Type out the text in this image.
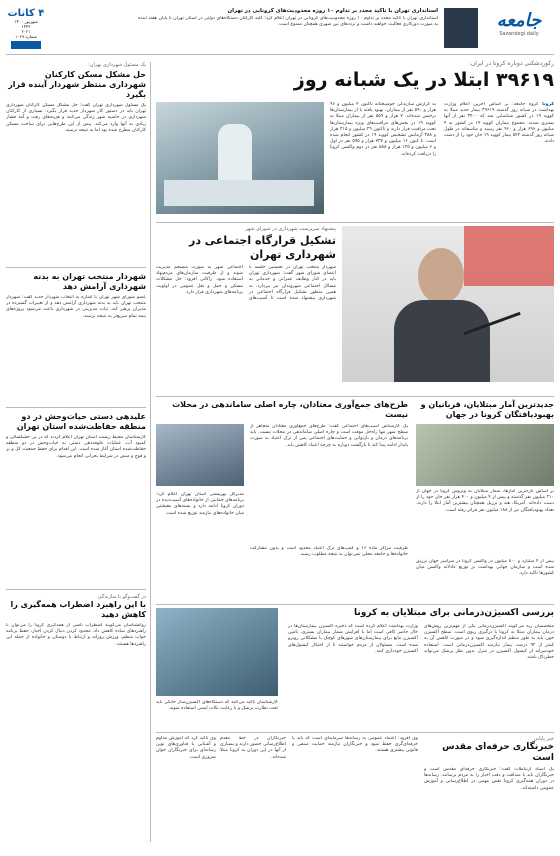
جامعه
Sazandegi.daily
استانداری تهران با تاکید مجدد بر تداوم ۱۰ روزه محدودیت‌های کرونایی در تهران
استانداری تهران با تاکید مجدد بر تداوم ۱۰ روزه محدودیت‌های کرونایی در تهران اعلام کرد: کلیه کارکنان دستگاه‌های دولتی در استان تهران تا پایان هفته آینده به صورت دورکاری فعالیت خواهند داشت و ترددهای بین شهری همچنان ممنوع است.
۴ کانات
شهریور ۱۴۰۰
۱۴۴۳
۲۰۲۱
شماره ۱۰۲۹
یک مسئول شهرداری تهران:
حل مشکل مسکن کارکنان شهرداری منتظر شهردار آینده قرار بگیرد
یک مسئول شهرداری تهران گفت: حل مشکل مسکن کارکنان شهرداری تهران باید در دستور کار شهردار جدید قرار بگیرد. بسیاری از کارکنان شهرداری در حاشیه شهر زندگی می‌کنند و هزینه‌های رفت و آمد فشار زیادی به آنها وارد می‌کند. پیش از این طرح‌هایی برای ساخت مسکن کارکنان مطرح شده بود اما به نتیجه نرسید.
شهردار منتخب تهران به بدنه شهرداری آرامش دهد
عضو شورای شهر تهران با اشاره به انتخاب شهردار جدید گفت: شهردار منتخب تهران باید به بدنه شهرداری آرامش دهد و از تغییرات گسترده در مدیران پرهیز کند. ثبات مدیریتی در شهرداری باعث می‌شود پروژه‌های نیمه تمام سریع‌تر به نتیجه برسند.
علیدهی دستی حیات‌وحش در دو منطقه حفاظت‌شده استان تهران
کارشناسان محیط زیست استان تهران اعلام کردند که در پی خشکسالی و کمبود آب، عملیات علوفه‌دهی دستی به حیات‌وحش در دو منطقه حفاظت‌شده استان آغاز شده است. این اقدام برای حفظ جمعیت کل و بز و قوچ و میش در شرایط بحرانی انجام می‌شود.
در گفت‌وگو با سازندگی
با این راهبرد اضطراب همه‌گیری را کاهش دهید
روانشناسان می‌گویند اضطراب ناشی از همه‌گیری کرونا را می‌توان با راهبردهای ساده کاهش داد. محدود کردن دنبال کردن اخبار، حفظ برنامه خواب منظم، ورزش روزانه و ارتباط با دوستان و خانواده از جمله این راهبردها هستند.
رکوردشکنی دوباره کرونا در ایران:
۳۹۶۱۹ ابتلا در یک شبانه روز
به گزارش سازندگی خوشبختانه تاکنون ۴ میلیون و ۹۶ هزار و ۵۹۰ نفر از بیماران، بهبود یافته یا از بیمارستان‌ها ترخیص شده‌اند. ۷ هزار و ۵۵۹ نفر از بیماران مبتلا به کووید ۱۹ در بخش‌های مراقبت‌های ویژه بیمارستان‌ها تحت مراقبت قرار دارند و تاکنون ۲۹ میلیون و ۲۱۵ هزار و ۳۸۸ آزمایش تشخیص کووید ۱۹ در کشور انجام شده است. تا کنون ۱۶ میلیون و ۷۳۷ هزار و ۵۹۵ نفر دز اول و ۶ میلیون و ۱۲۵ هزار و ۵۸۸ نفر دز دوم واکسن کرونا را دریافت کرده‌اند.
کرونا گروه جامعه: بر اساس آخرین اعلام وزارت بهداشت در شبانه روز گذشته ۳۹۶۱۹ بیمار جدید مبتلا به کووید ۱۹ در کشور شناسایی شد که ۳۴۰۰ نفر از آنها بستری شدند. مجموع بیماران کووید ۱۹ در کشور به ۴ میلیون و ۶۹۶ هزار و ۹۶۰ نفر رسید و متاسفانه در طول شبانه روز گذشته ۵۴۲ بیمار کووید ۱۹ جان خود را از دست دادند.
پیشنهاد سرپرست شهرداری در شورای شهر
تشکیل قرارگاه اجتماعی در شهرداری تهران
شهردار منتخب تهران در نخستین جلسه با اعضای شورای شهر گفت: شهرداری تهران باید در کنار وظایف عمرانی و خدماتی به مسائل اجتماعی شهروندان نیز بپردازد. به همین منظور تشکیل قرارگاه اجتماعی در شهرداری پیشنهاد شده است تا آسیب‌های اجتماعی شهر به صورت منسجم مدیریت شوند و از ظرفیت سازمان‌های مردم‌نهاد استفاده شود. زاکانی افزود: حل مشکلات مسکن و حمل و نقل عمومی در اولویت برنامه‌های شهرداری قرار دارد.
جدیدترین آمار مبتلایان، قربانیان و بهبودیافتگان کرونا در جهان
بر اساس تازه‌ترین آمارها، شمار مبتلایان به ویروس کرونا در جهان از ۲۱۰ میلیون نفر گذشته و بیش از ۴ میلیون و ۴۰۰ هزار نفر جان خود را از دست داده‌اند. آمریکا، هند و برزیل همچنان بیشترین آمار ابتلا را دارند. تعداد بهبودیافتگان نیز از ۱۸۸ میلیون نفر فراتر رفته است.
بیش از ۴ میلیارد و ۸۰۰ میلیون دز واکسن کرونا در سراسر جهان تزریق شده است و سازمان جهانی بهداشت بر توزیع عادلانه واکسن میان کشورها تاکید دارد.
طرح‌های جمع‌آوری معتادان، چاره اصلی ساماندهی در محلات نیست
یک کارشناس آسیب‌های اجتماعی گفت: طرح‌های جمع‌آوری معتادان متجاهر از سطح شهر تنها راه‌حل موقت است و چاره اصلی ساماندهی در محلات نیست. باید برنامه‌های درمان و بازتوانی و حمایت‌های اجتماعی پس از ترک اعتیاد به صورت پایدار ادامه پیدا کند تا بازگشت دوباره به چرخه اعتیاد کاهش یابد.
ظرفیت مراکز ماده ۱۶ و کمپ‌های ترک اعتیاد محدود است و بدون مشارکت خانواده‌ها و جامعه محلی نمی‌توان به نتیجه مطلوب رسید.
مدیرکل بهزیستی استان تهران اعلام کرد: برنامه‌های حمایتی از خانواده‌های آسیب‌دیده در دوران کرونا ادامه دارد و بسته‌های معیشتی میان خانواده‌های نیازمند توزیع شده است.
بررسی اکسیژن‌درمانی برای مبتلایان به کرونا
متخصصان ریه می‌گویند اکسیژن‌درمانی یکی از مهم‌ترین روش‌های درمان بیماران مبتلا به کرونا با درگیری ریوی است. سطح اکسیژن خون باید به طور منظم اندازه‌گیری شود و در صورت کاهش آن به کمتر از ۹۲ درصد، بیمار نیازمند اکسیژن‌درمانی است. استفاده خودسرانه از کپسول اکسیژن در منزل بدون نظر پزشک می‌تواند خطرناک باشد.
وزارت بهداشت اعلام کرده است که ذخیره اکسیژن بیمارستان‌ها در حال حاضر کافی است اما با افزایش شمار بیماران بستری، تامین اکسیژن مایع برای بیمارستان‌های شهرهای کوچک با مشکلاتی روبرو شده است. مسئولان از مردم خواستند تا از احتکار کپسول‌های اکسیژن خودداری کنند.
کارشناسان تاکید می‌کنند که دستگاه‌های اکسیژن‌ساز خانگی باید تحت نظارت پزشک و با رعایت نکات ایمنی استفاده شوند.
خبر پایانی
خبرنگاری حرفه‌ای مقدس است
یک استاد ارتباطات گفت: خبرنگاری حرفه‌ای مقدس است و خبرنگاران باید با صداقت و دقت اخبار را به مردم برسانند. رسانه‌ها در دوران همه‌گیری کرونا نقش مهمی در اطلاع‌رسانی و آموزش عمومی داشته‌اند.
وی افزود: اعتماد عمومی به رسانه‌ها سرمایه‌ای است که باید با حرفه‌ای‌گری حفظ شود و خبرنگاران نیازمند حمایت صنفی و قانونی بیشتری هستند.
خبرنگاران در خط مقدم اطلاع‌رسانی حضور دارند و بسیاری از آنها در این دوران به کرونا مبتلا شده‌اند.
وی تاکید کرد که آموزش مداوم و آشنایی با فناوری‌های نوین رسانه‌ای برای خبرنگاران جوان ضروری است.
